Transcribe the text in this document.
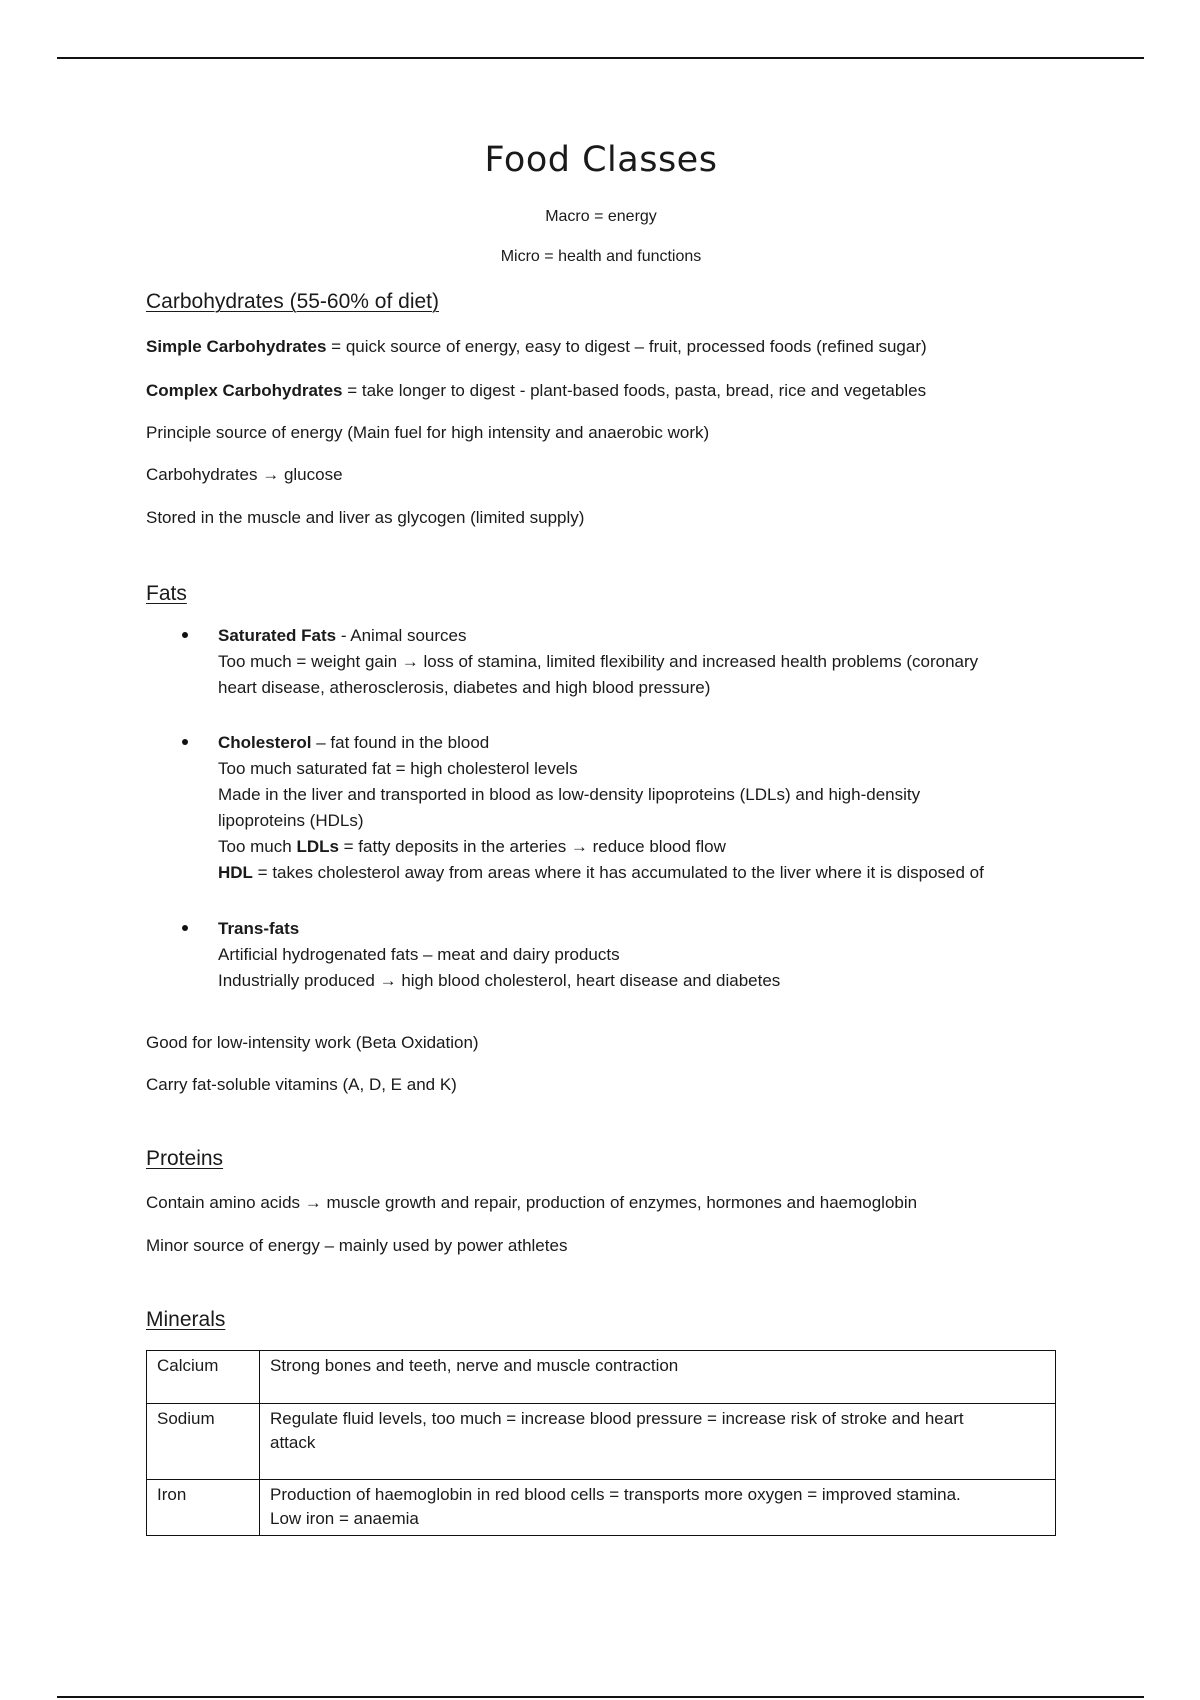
Food Classes
Macro = energy
Micro = health and functions
Carbohydrates (55-60% of diet)
Simple Carbohydrates = quick source of energy, easy to digest – fruit, processed foods (refined sugar)
Complex Carbohydrates = take longer to digest - plant-based foods, pasta, bread, rice and vegetables
Principle source of energy (Main fuel for high intensity and anaerobic work)
Carbohydrates → glucose
Stored in the muscle and liver as glycogen (limited supply)
Fats
Saturated Fats - Animal sources
Too much = weight gain → loss of stamina, limited flexibility and increased health problems (coronary
heart disease, atherosclerosis, diabetes and high blood pressure)
Cholesterol – fat found in the blood
Too much saturated fat = high cholesterol levels
Made in the liver and transported in blood as low-density lipoproteins (LDLs) and high-density
lipoproteins (HDLs)
Too much LDLs = fatty deposits in the arteries → reduce blood flow
HDL = takes cholesterol away from areas where it has accumulated to the liver where it is disposed of
Trans-fats
Artificial hydrogenated fats – meat and dairy products
Industrially produced → high blood cholesterol, heart disease and diabetes
Good for low-intensity work (Beta Oxidation)
Carry fat-soluble vitamins (A, D, E and K)
Proteins
Contain amino acids → muscle growth and repair, production of enzymes, hormones and haemoglobin
Minor source of energy – mainly used by power athletes
Minerals
Calcium	Strong bones and teeth, nerve and muscle contraction

Sodium	Regulate fluid levels, too much = increase blood pressure = increase risk of stroke and heart
attack

Iron	Production of haemoglobin in red blood cells = transports more oxygen = improved stamina.
Low iron = anaemia
